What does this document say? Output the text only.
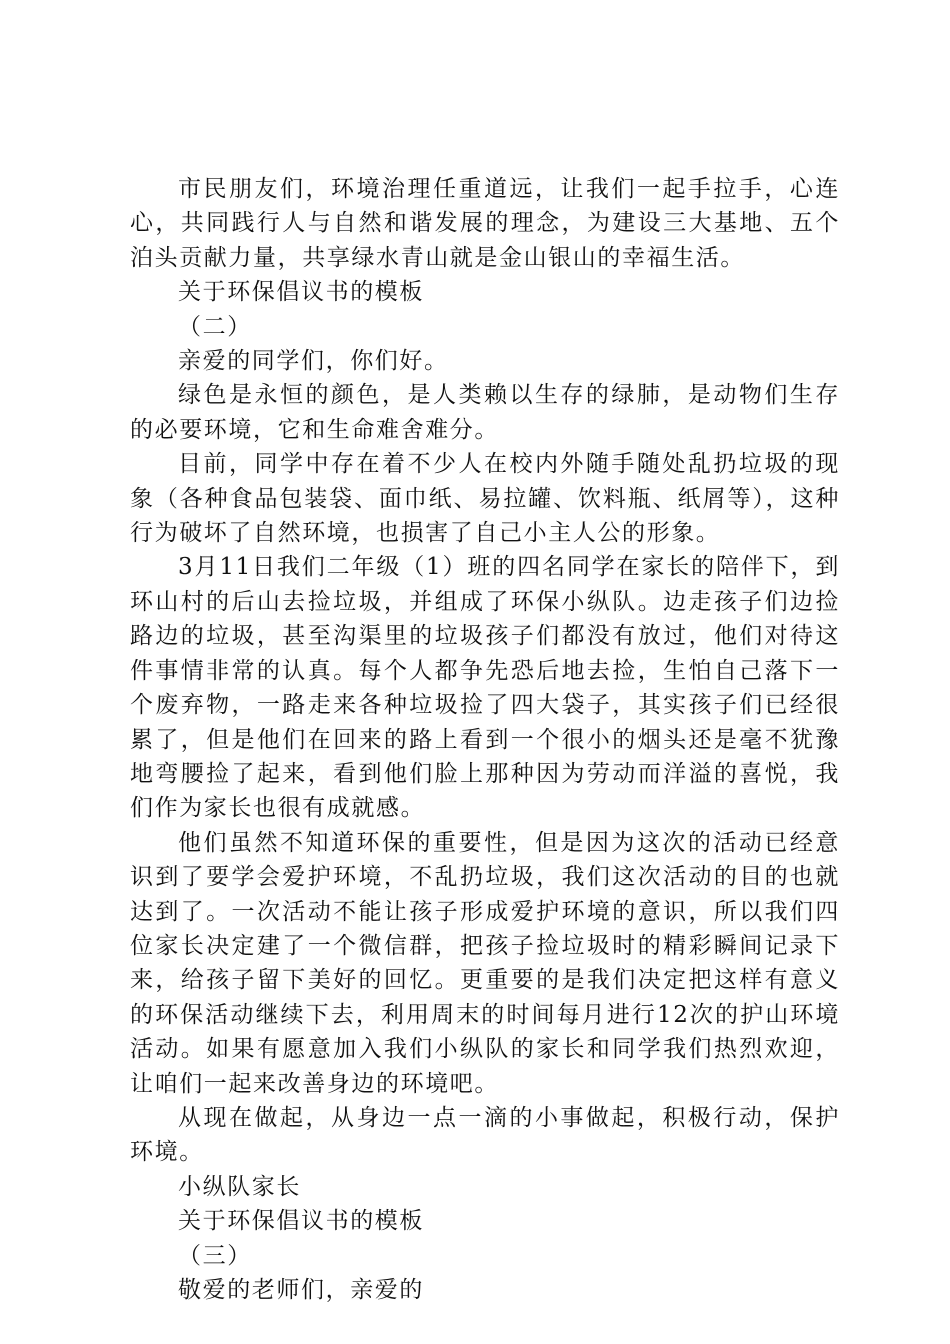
市民朋友们，环境治理任重道远，让我们一起手拉手，心连心，共同践行人与自然和谐发展的理念，为建设三大基地、五个泊头贡献力量，共享绿水青山就是金山银山的幸福生活。

关于环保倡议书的模板

（二）

亲爱的同学们，你们好。

绿色是永恒的颜色，是人类赖以生存的绿肺，是动物们生存的必要环境，它和生命难舍难分。

目前，同学中存在着不少人在校内外随手随处乱扔垃圾的现象（各种食品包装袋、面巾纸、易拉罐、饮料瓶、纸屑等），这种行为破坏了自然环境，也损害了自己小主人公的形象。

3月11日我们二年级（1）班的四名同学在家长的陪伴下，到环山村的后山去捡垃圾，并组成了环保小纵队。边走孩子们边捡路边的垃圾，甚至沟渠里的垃圾孩子们都没有放过，他们对待这件事情非常的认真。每个人都争先恐后地去捡，生怕自己落下一个废弃物，一路走来各种垃圾捡了四大袋子，其实孩子们已经很累了，但是他们在回来的路上看到一个很小的烟头还是毫不犹豫地弯腰捡了起来，看到他们脸上那种因为劳动而洋溢的喜悦，我们作为家长也很有成就感。

他们虽然不知道环保的重要性，但是因为这次的活动已经意识到了要学会爱护环境，不乱扔垃圾，我们这次活动的目的也就达到了。一次活动不能让孩子形成爱护环境的意识，所以我们四位家长决定建了一个微信群，把孩子捡垃圾时的精彩瞬间记录下来，给孩子留下美好的回忆。更重要的是我们决定把这样有意义的环保活动继续下去，利用周末的时间每月进行12次的护山环境活动。如果有愿意加入我们小纵队的家长和同学我们热烈欢迎，让咱们一起来改善身边的环境吧。

从现在做起，从身边一点一滴的小事做起，积极行动，保护环境。

小纵队家长

关于环保倡议书的模板

（三）

敬爱的老师们，亲爱的
